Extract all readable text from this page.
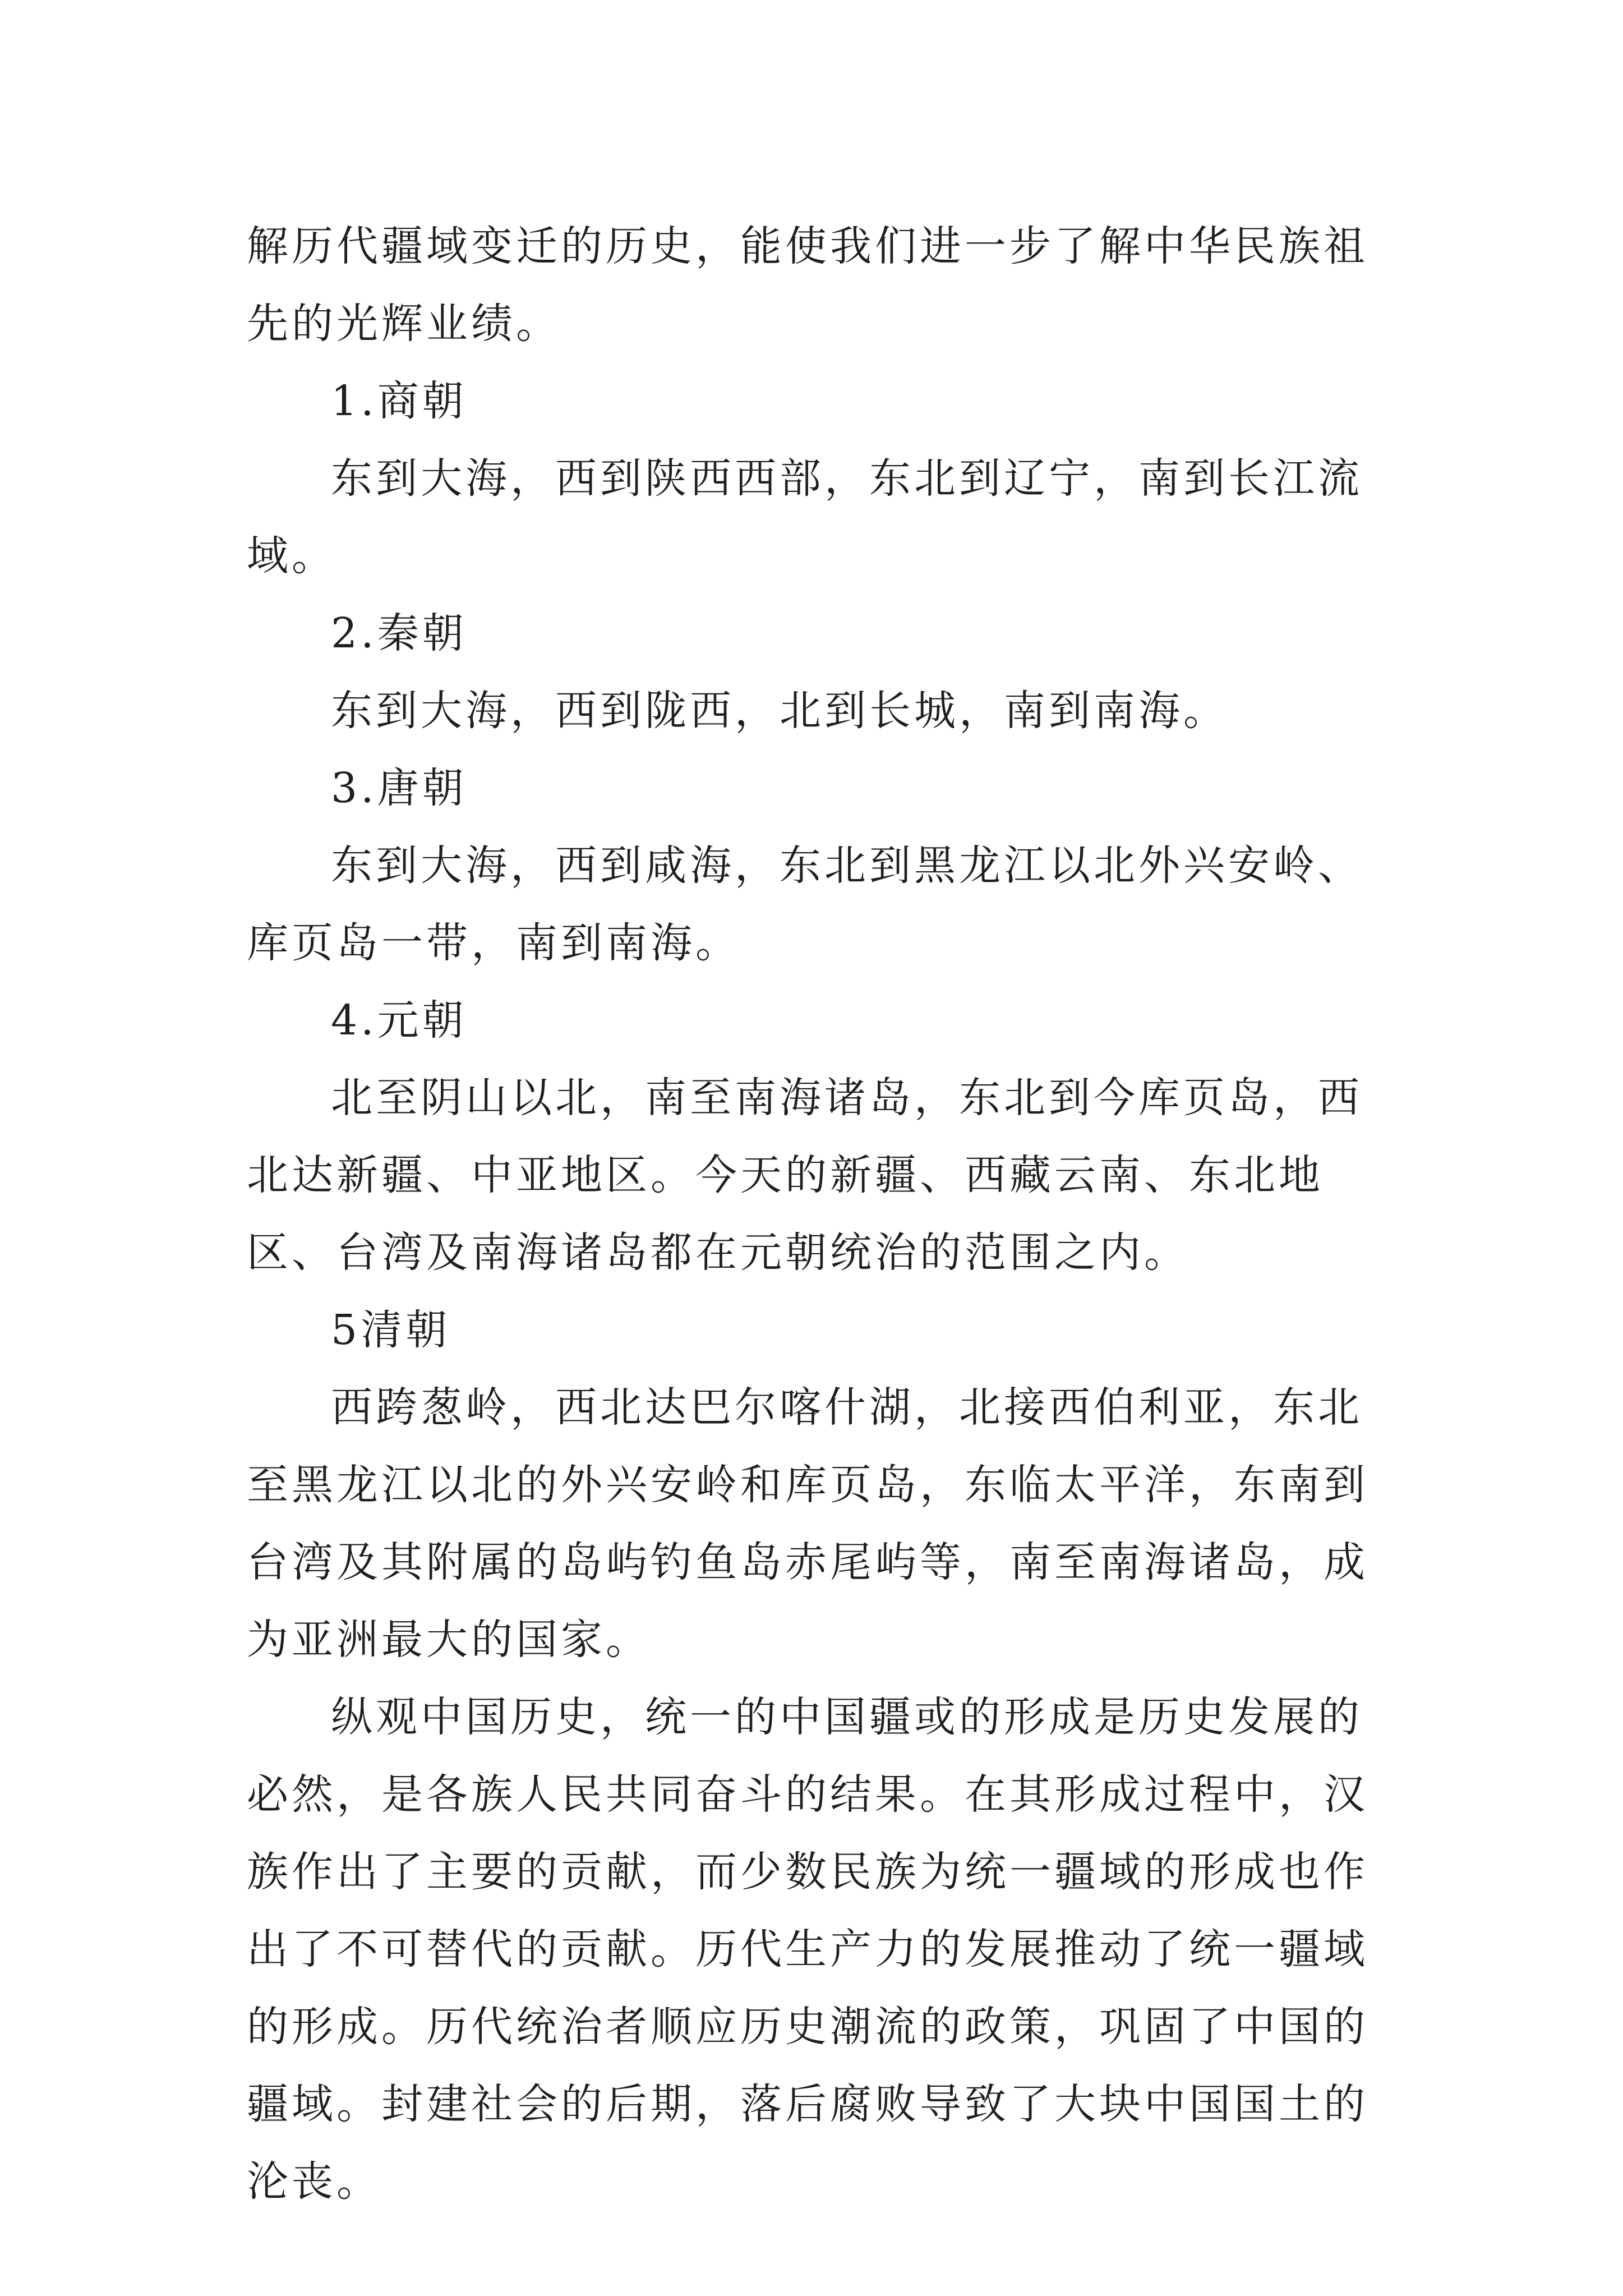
解历代疆域变迁的历史，能使我们进一步了解中华民族祖先的光辉业绩。

1.商朝

东到大海，西到陕西西部，东北到辽宁，南到长江流域。

2.秦朝

东到大海，西到陇西，北到长城，南到南海。

3.唐朝

东到大海，西到咸海，东北到黑龙江以北外兴安岭、库页岛一带，南到南海。

4.元朝

北至阴山以北，南至南海诸岛，东北到今库页岛，西北达新疆、中亚地区。今天的新疆、西藏云南、东北地区、台湾及南海诸岛都在元朝统治的范围之内。

5清朝

西跨葱岭，西北达巴尔喀什湖，北接西伯利亚，东北至黑龙江以北的外兴安岭和库页岛，东临太平洋，东南到台湾及其附属的岛屿钓鱼岛赤尾屿等，南至南海诸岛，成为亚洲最大的国家。

纵观中国历史，统一的中国疆或的形成是历史发展的必然，是各族人民共同奋斗的结果。在其形成过程中，汉族作出了主要的贡献，而少数民族为统一疆域的形成也作出了不可替代的贡献。历代生产力的发展推动了统一疆域的形成。历代统治者顺应历史潮流的政策，巩固了中国的疆域。封建社会的后期，落后腐败导致了大块中国国土的沦丧。
